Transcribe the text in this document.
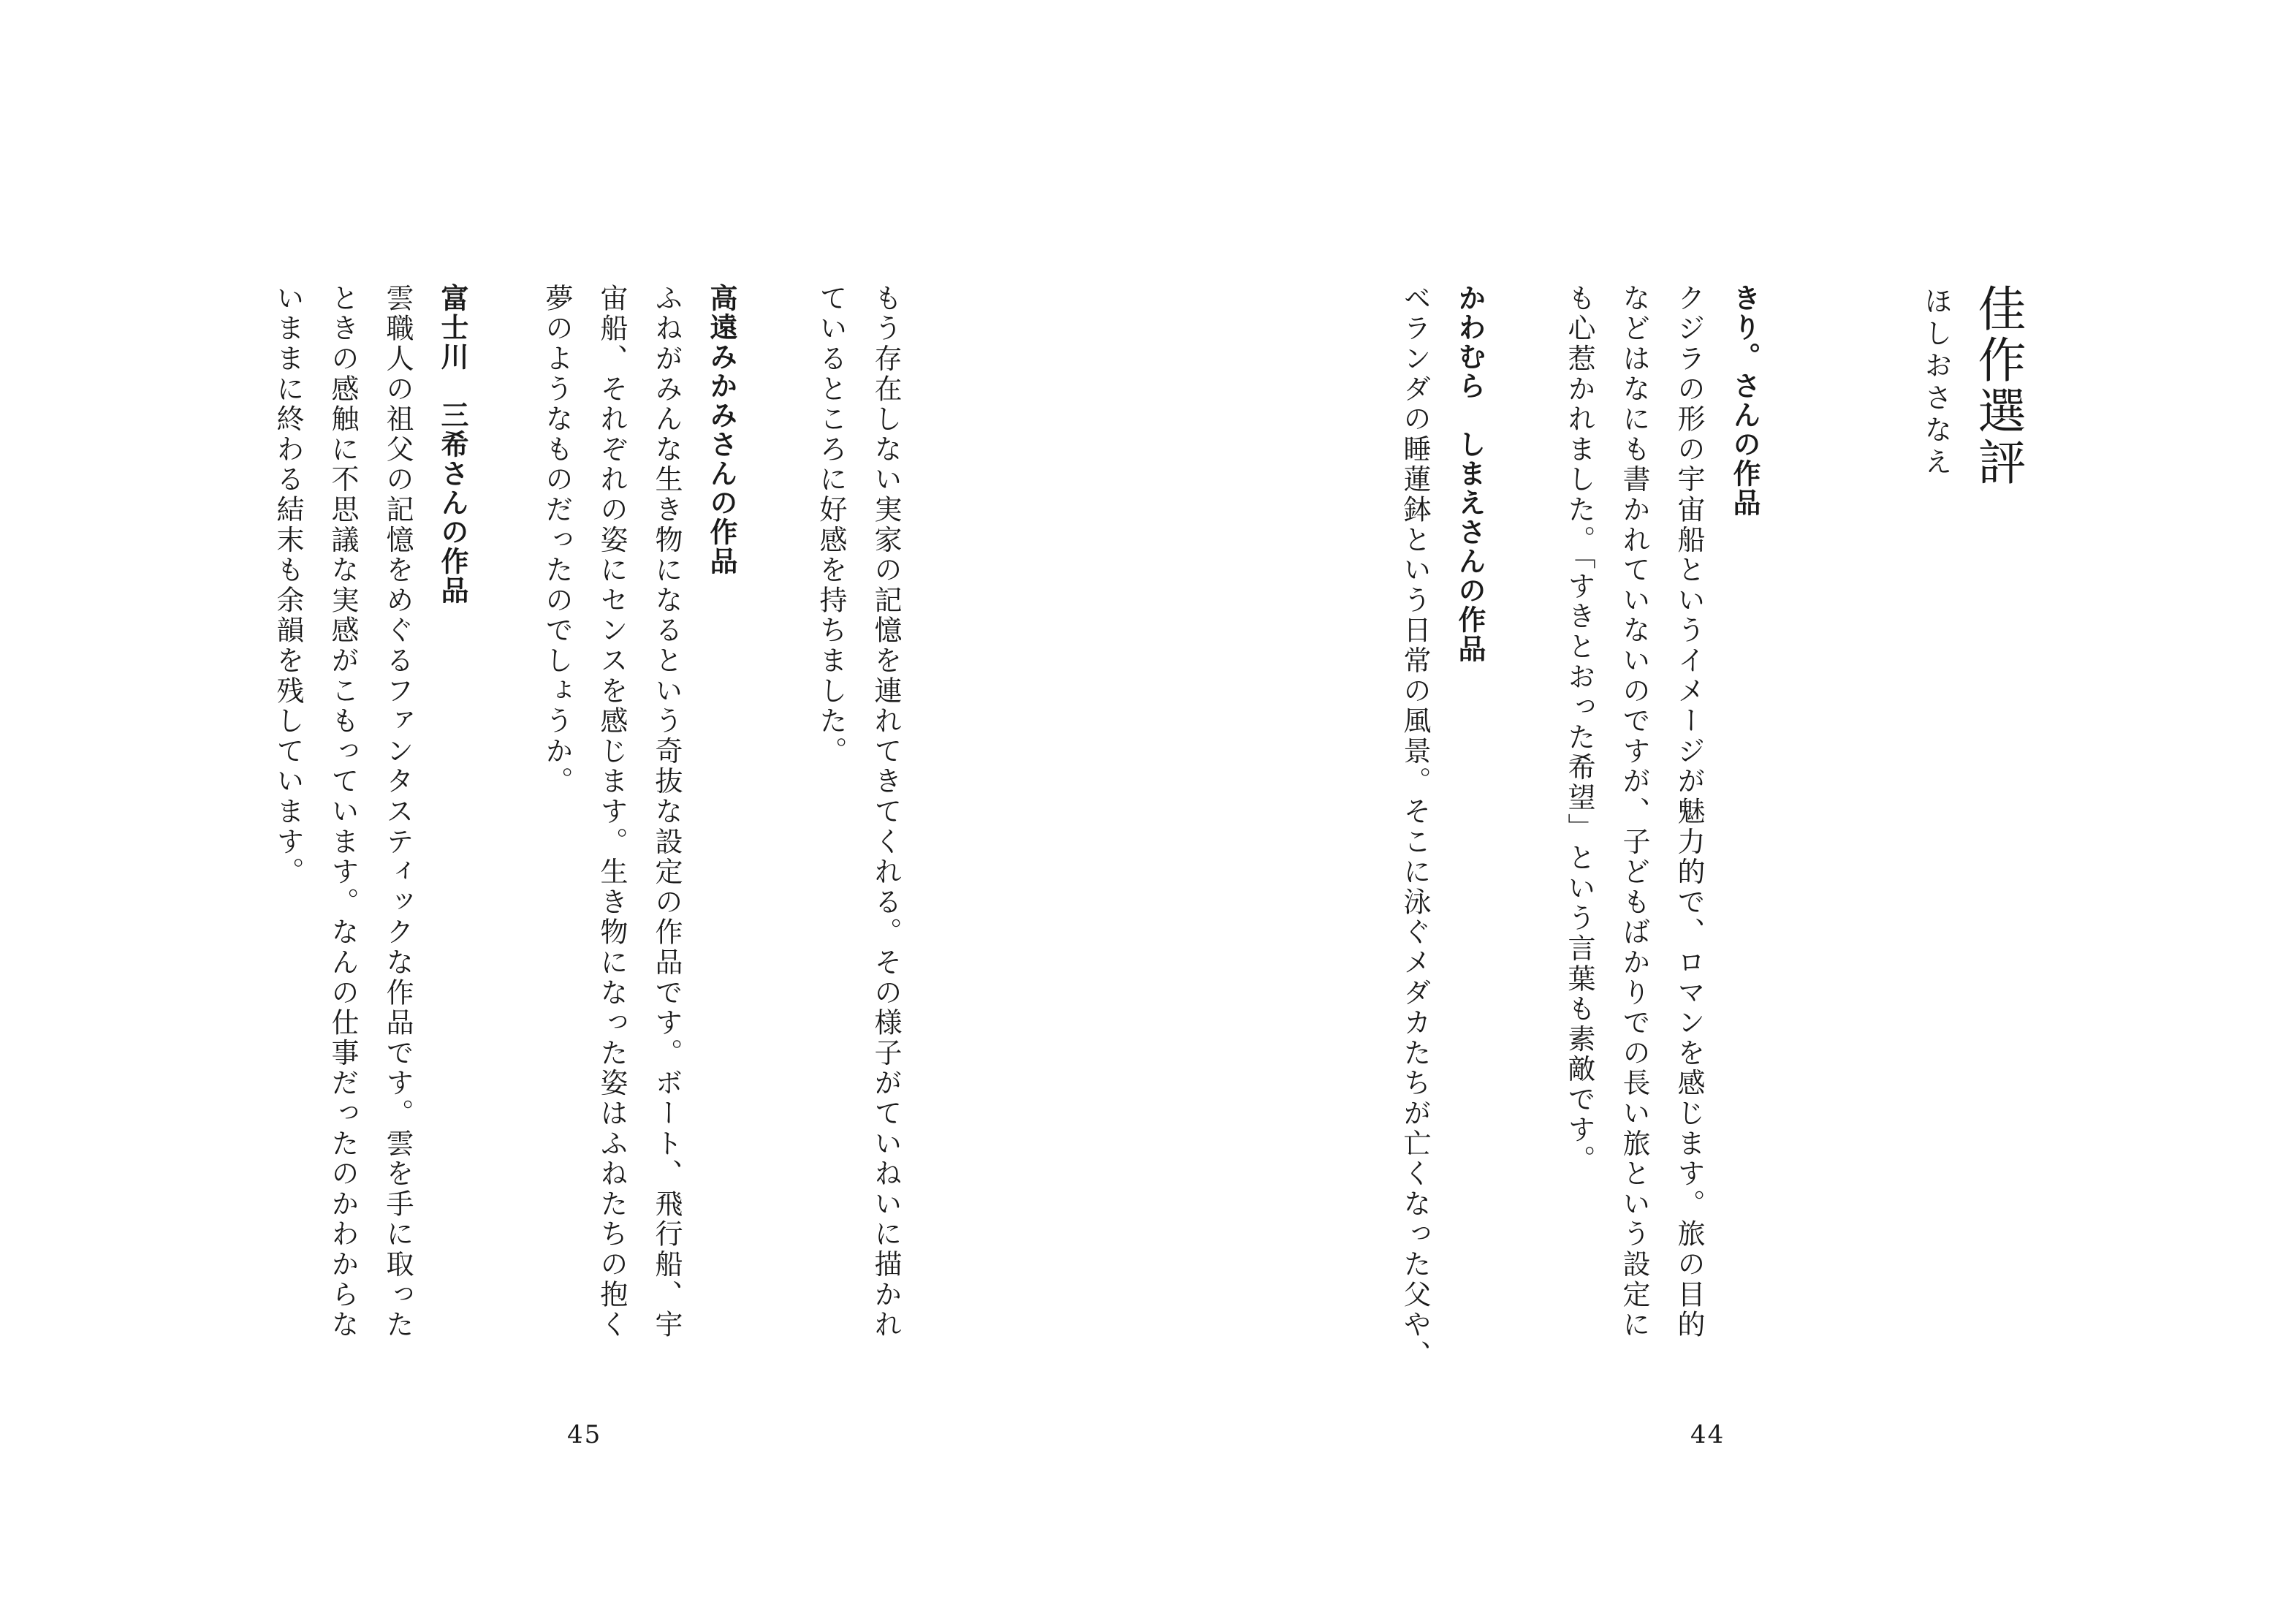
佳作選評
ほしおさなえ
きり。さんの作品
クジラの形の宇宙船というイメージが魅力的で、ロマンを感じます。旅の目的
などはなにも書かれていないのですが、子どもばかりでの長い旅という設定に
も心惹かれました。「すきとおった希望」という言葉も素敵です。
かわむら　しまえさんの作品
ベランダの睡蓮鉢という日常の風景。そこに泳ぐメダカたちが亡くなった父や、
44
もう存在しない実家の記憶を連れてきてくれる。その様子がていねいに描かれ
ているところに好感を持ちました。
高遠みかみさんの作品
ふねがみんな生き物になるという奇抜な設定の作品です。ボート、飛行船、宇
宙船、それぞれの姿にセンスを感じます。生き物になった姿はふねたちの抱く
夢のようなものだったのでしょうか。
富士川　三希さんの作品
雲職人の祖父の記憶をめぐるファンタスティックな作品です。雲を手に取った
ときの感触に不思議な実感がこもっています。なんの仕事だったのかわからな
いままに終わる結末も余韻を残しています。
45
